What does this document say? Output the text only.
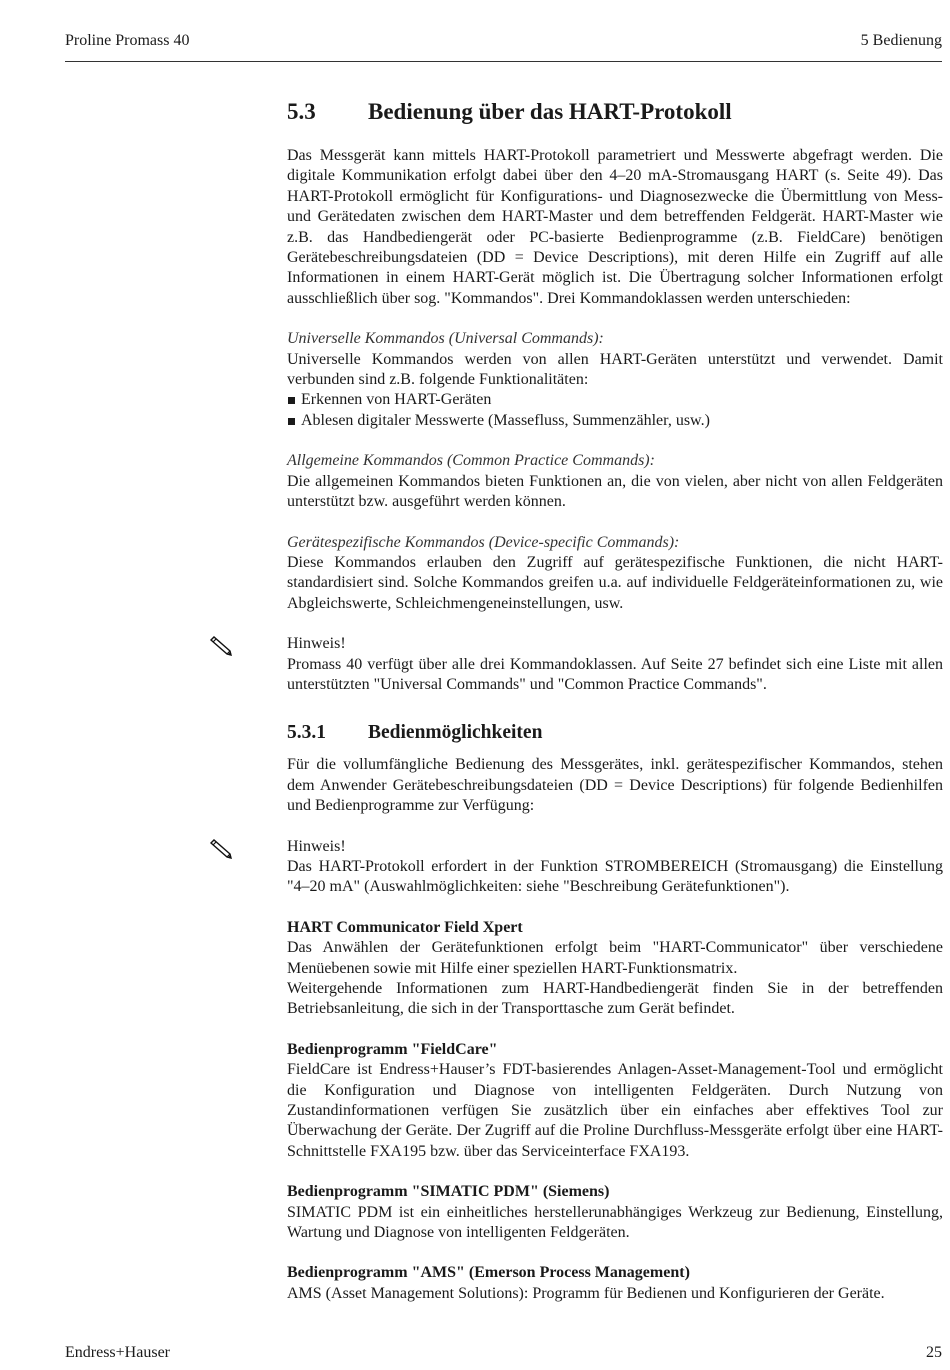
Proline Promass 40	5 Bedienung
5.3 Bedienung über das HART-Protokoll

Das Messgerät kann mittels HART-Protokoll parametriert und Messwerte abgefragt werden. Die digitale Kommunikation erfolgt dabei über den 4–20 mA-Stromausgang HART (s. Seite 49). Das HART-Protokoll ermöglicht für Konfigurations- und Diagnosezwecke die Übermittlung von Mess- und Gerätedaten zwischen dem HART-Master und dem betreffenden Feldgerät. HART-Master wie z.B. das Handbediengerät oder PC-basierte Bedienprogramme (z.B. FieldCare) benötigen Gerätebeschreibungsdateien (DD = Device Descriptions), mit deren Hilfe ein Zugriff auf alle Informationen in einem HART-Gerät möglich ist. Die Übertragung solcher Informationen erfolgt ausschließlich über sog. "Kommandos". Drei Kommandoklassen werden unterschieden:

Universelle Kommandos (Universal Commands):

Universelle Kommandos werden von allen HART-Geräten unterstützt und verwendet. Damit verbunden sind z.B. folgende Funktionalitäten:

Erkennen von HART-Geräten
Ablesen digitaler Messwerte (Massefluss, Summenzähler, usw.)

Allgemeine Kommandos (Common Practice Commands):

Die allgemeinen Kommandos bieten Funktionen an, die von vielen, aber nicht von allen Feldgeräten unterstützt bzw. ausgeführt werden können.

Gerätespezifische Kommandos (Device-specific Commands):

Diese Kommandos erlauben den Zugriff auf gerätespezifische Funktionen, die nicht HART-standardisiert sind. Solche Kommandos greifen u.a. auf individuelle Feldgeräteinformationen zu, wie Abgleichswerte, Schleichmengeneinstellungen, usw.

Hinweis!

Promass 40 verfügt über alle drei Kommandoklassen. Auf Seite 27 befindet sich eine Liste mit allen unterstützten "Universal Commands" und "Common Practice Commands".

5.3.1 Bedienmöglichkeiten

Für die vollumfängliche Bedienung des Messgerätes, inkl. gerätespezifischer Kommandos, stehen dem Anwender Gerätebeschreibungsdateien (DD = Device Descriptions) für folgende Bedienhilfen und Bedienprogramme zur Verfügung:

Hinweis!

Das HART-Protokoll erfordert in der Funktion STROMBEREICH (Stromausgang) die Einstellung "4–20 mA" (Auswahlmöglichkeiten: siehe "Beschreibung Gerätefunktionen").

HART Communicator Field Xpert

Das Anwählen der Gerätefunktionen erfolgt beim "HART-Communicator" über verschiedene Menüebenen sowie mit Hilfe einer speziellen HART-Funktionsmatrix.

Weitergehende Informationen zum HART-Handbediengerät finden Sie in der betreffenden Betriebsanleitung, die sich in der Transporttasche zum Gerät befindet.

Bedienprogramm "FieldCare"

FieldCare ist Endress+Hauser’s FDT-basierendes Anlagen-Asset-Management-Tool und ermöglicht die Konfiguration und Diagnose von intelligenten Feldgeräten. Durch Nutzung von Zustandinformationen verfügen Sie zusätzlich über ein einfaches aber effektives Tool zur Überwachung der Geräte. Der Zugriff auf die Proline Durchfluss-Messgeräte erfolgt über eine HART-Schnittstelle FXA195 bzw. über das Serviceinterface FXA193.

Bedienprogramm "SIMATIC PDM" (Siemens)

SIMATIC PDM ist ein einheitliches herstellerunabhängiges Werkzeug zur Bedienung, Einstellung, Wartung und Diagnose von intelligenten Feldgeräten.

Bedienprogramm "AMS" (Emerson Process Management)

AMS (Asset Management Solutions): Programm für Bedienen und Konfigurieren der Geräte.

Endress+Hauser	25
